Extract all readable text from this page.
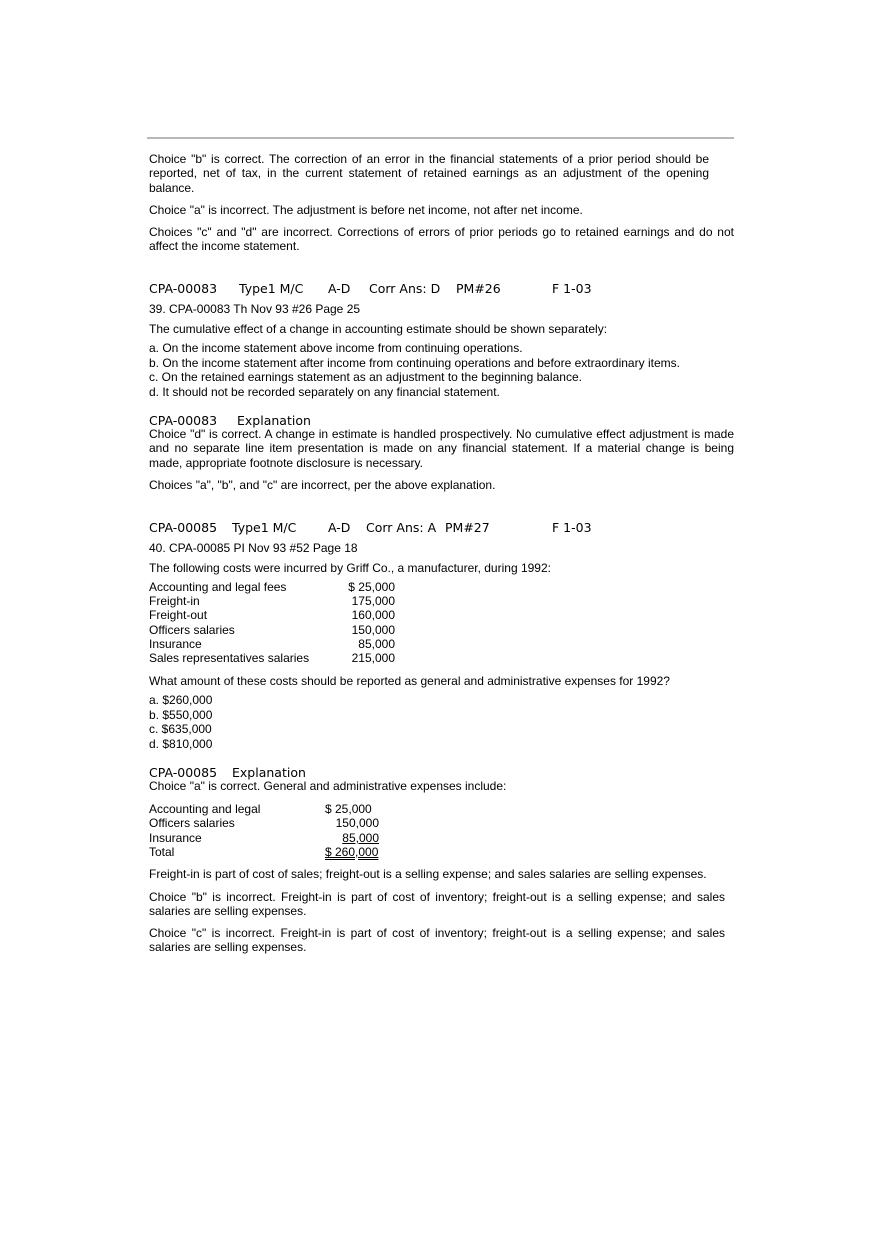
Choice "b" is correct. The correction of an error in the financial statements of a prior period should be reported, net of tax, in the current statement of retained earnings as an adjustment of the opening balance.
Choice "a" is incorrect. The adjustment is before net income, not after net income.
Choices "c" and "d" are incorrect. Corrections of errors of prior periods go to retained earnings and do not affect the income statement.
CPA-00083 Type1 M/C A-D Corr Ans: D PM#26	F 1-03
39. CPA-00083 Th Nov 93 #26 Page 25
The cumulative effect of a change in accounting estimate should be shown separately:
a. On the income statement above income from continuing operations.
b. On the income statement after income from continuing operations and before extraordinary items.
c. On the retained earnings statement as an adjustment to the beginning balance.
d. It should not be recorded separately on any financial statement.
CPA-00083 Explanation
Choice "d" is correct. A change in estimate is handled prospectively. No cumulative effect adjustment is made and no separate line item presentation is made on any financial statement. If a material change is being made, appropriate footnote disclosure is necessary.
Choices "a", "b", and "c" are incorrect, per the above explanation.
CPA-00085 Type1 M/C	A-D Corr Ans: A PM#27	F 1-03
40. CPA-00085 PI Nov 93 #52 Page 18
The following costs were incurred by Griff Co., a manufacturer, during 1992:
Accounting and legal fees	$ 25,000
Freight-in	175,000
Freight-out	160,000
Officers salaries	150,000
Insurance	85,000
Sales representatives salaries	215,000
What amount of these costs should be reported as general and administrative expenses for 1992?
a. $260,000
b. $550,000
c. $635,000
d. $810,000
CPA-00085 Explanation
Choice "a" is correct. General and administrative expenses include:
Accounting and legal	$ 25,000
Officers salaries	150,000
Insurance	85,000
Total	$ 260,000
Freight-in is part of cost of sales; freight-out is a selling expense; and sales salaries are selling expenses.
Choice "b" is incorrect. Freight-in is part of cost of inventory; freight-out is a selling expense; and sales salaries are selling expenses.
Choice "c" is incorrect. Freight-in is part of cost of inventory; freight-out is a selling expense; and sales salaries are selling expenses.
